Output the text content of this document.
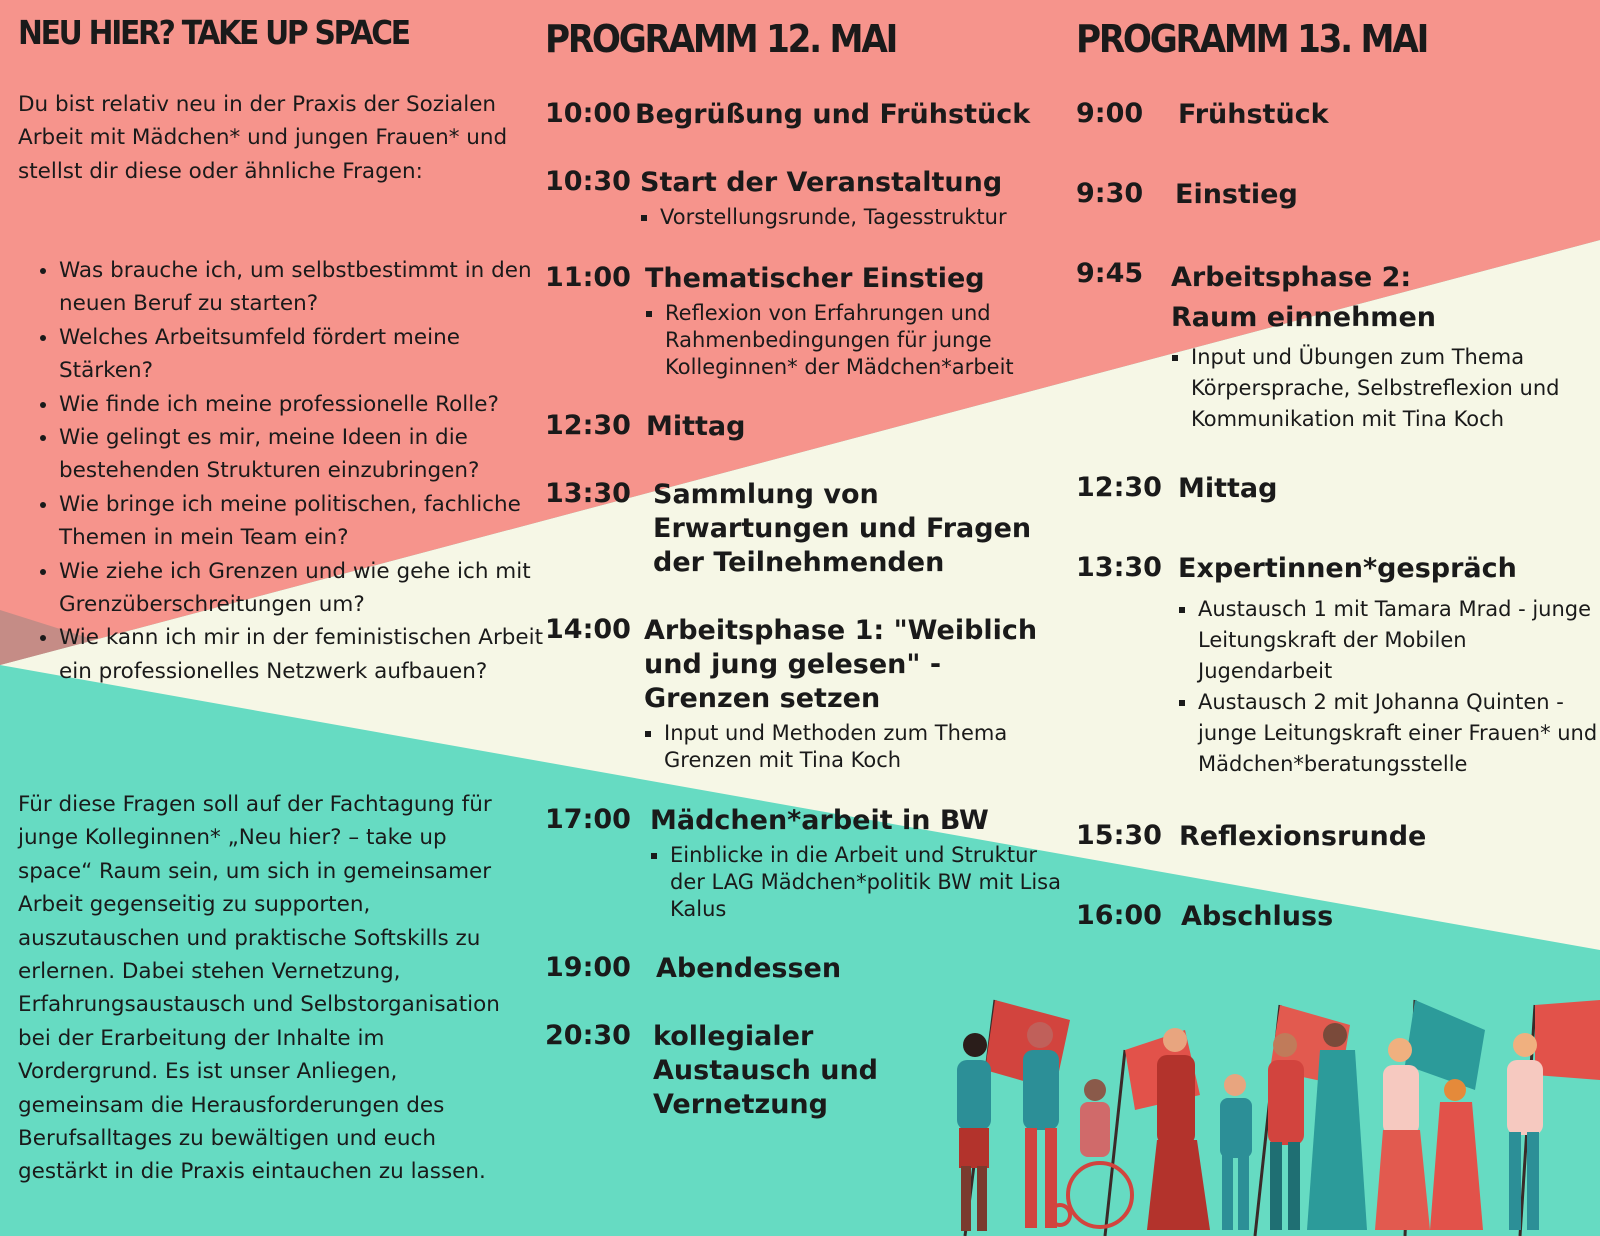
NEU HIER? TAKE UP SPACE

Du bist relativ neu in der Praxis der Sozialen Arbeit mit Mädchen* und jungen Frauen* und stellst dir diese oder ähnliche Fragen:

• Was brauche ich, um selbstbestimmt in den neuen Beruf zu starten?
• Welches Arbeitsumfeld fördert meine Stärken?
• Wie finde ich meine professionelle Rolle?
• Wie gelingt es mir, meine Ideen in die bestehenden Strukturen einzubringen?
• Wie bringe ich meine politischen, fachliche Themen in mein Team ein?
• Wie ziehe ich Grenzen und wie gehe ich mit Grenzüberschreitungen um?
• Wie kann ich mir in der feministischen Arbeit ein professionelles Netzwerk aufbauen?

Für diese Fragen soll auf der Fachtagung für junge Kolleginnen* „Neu hier? – take up space“ Raum sein, um sich in gemeinsamer Arbeit gegenseitig zu supporten, auszutauschen und praktische Softskills zu erlernen. Dabei stehen Vernetzung, Erfahrungsaustausch und Selbstorganisation bei der Erarbeitung der Inhalte im Vordergrund. Es ist unser Anliegen, gemeinsam die Herausforderungen des Berufsalltages zu bewältigen und euch gestärkt in die Praxis eintauchen zu lassen.

PROGRAMM 12. MAI
10:00 Begrüßung und Frühstück
10:30 Start der Veranstaltung
▪ Vorstellungsrunde, Tagesstruktur
11:00 Thematischer Einstieg
▪ Reflexion von Erfahrungen und Rahmenbedingungen für junge Kolleginnen* der Mädchen*arbeit
12:30 Mittag
13:30 Sammlung von Erwartungen und Fragen der Teilnehmenden
14:00 Arbeitsphase 1: "Weiblich und jung gelesen" - Grenzen setzen
▪ Input und Methoden zum Thema Grenzen mit Tina Koch
17:00 Mädchen*arbeit in BW
▪ Einblicke in die Arbeit und Struktur der LAG Mädchen*politik BW mit Lisa Kalus
19:00 Abendessen
20:30 kollegialer Austausch und Vernetzung
PROGRAMM 13. MAI
9:00 Frühstück
9:30 Einstieg
9:45 Arbeitsphase 2: Raum einnehmen
▪ Input und Übungen zum Thema Körpersprache, Selbstreflexion und Kommunikation mit Tina Koch
12:30 Mittag
13:30 Expertinnen*gespräch
▪ Austausch 1 mit Tamara Mrad - junge Leitungskraft der Mobilen Jugendarbeit
▪ Austausch 2 mit Johanna Quinten - junge Leitungskraft einer Frauen* und Mädchen*beratungsstelle
15:30 Reflexionsrunde
16:00 Abschluss
